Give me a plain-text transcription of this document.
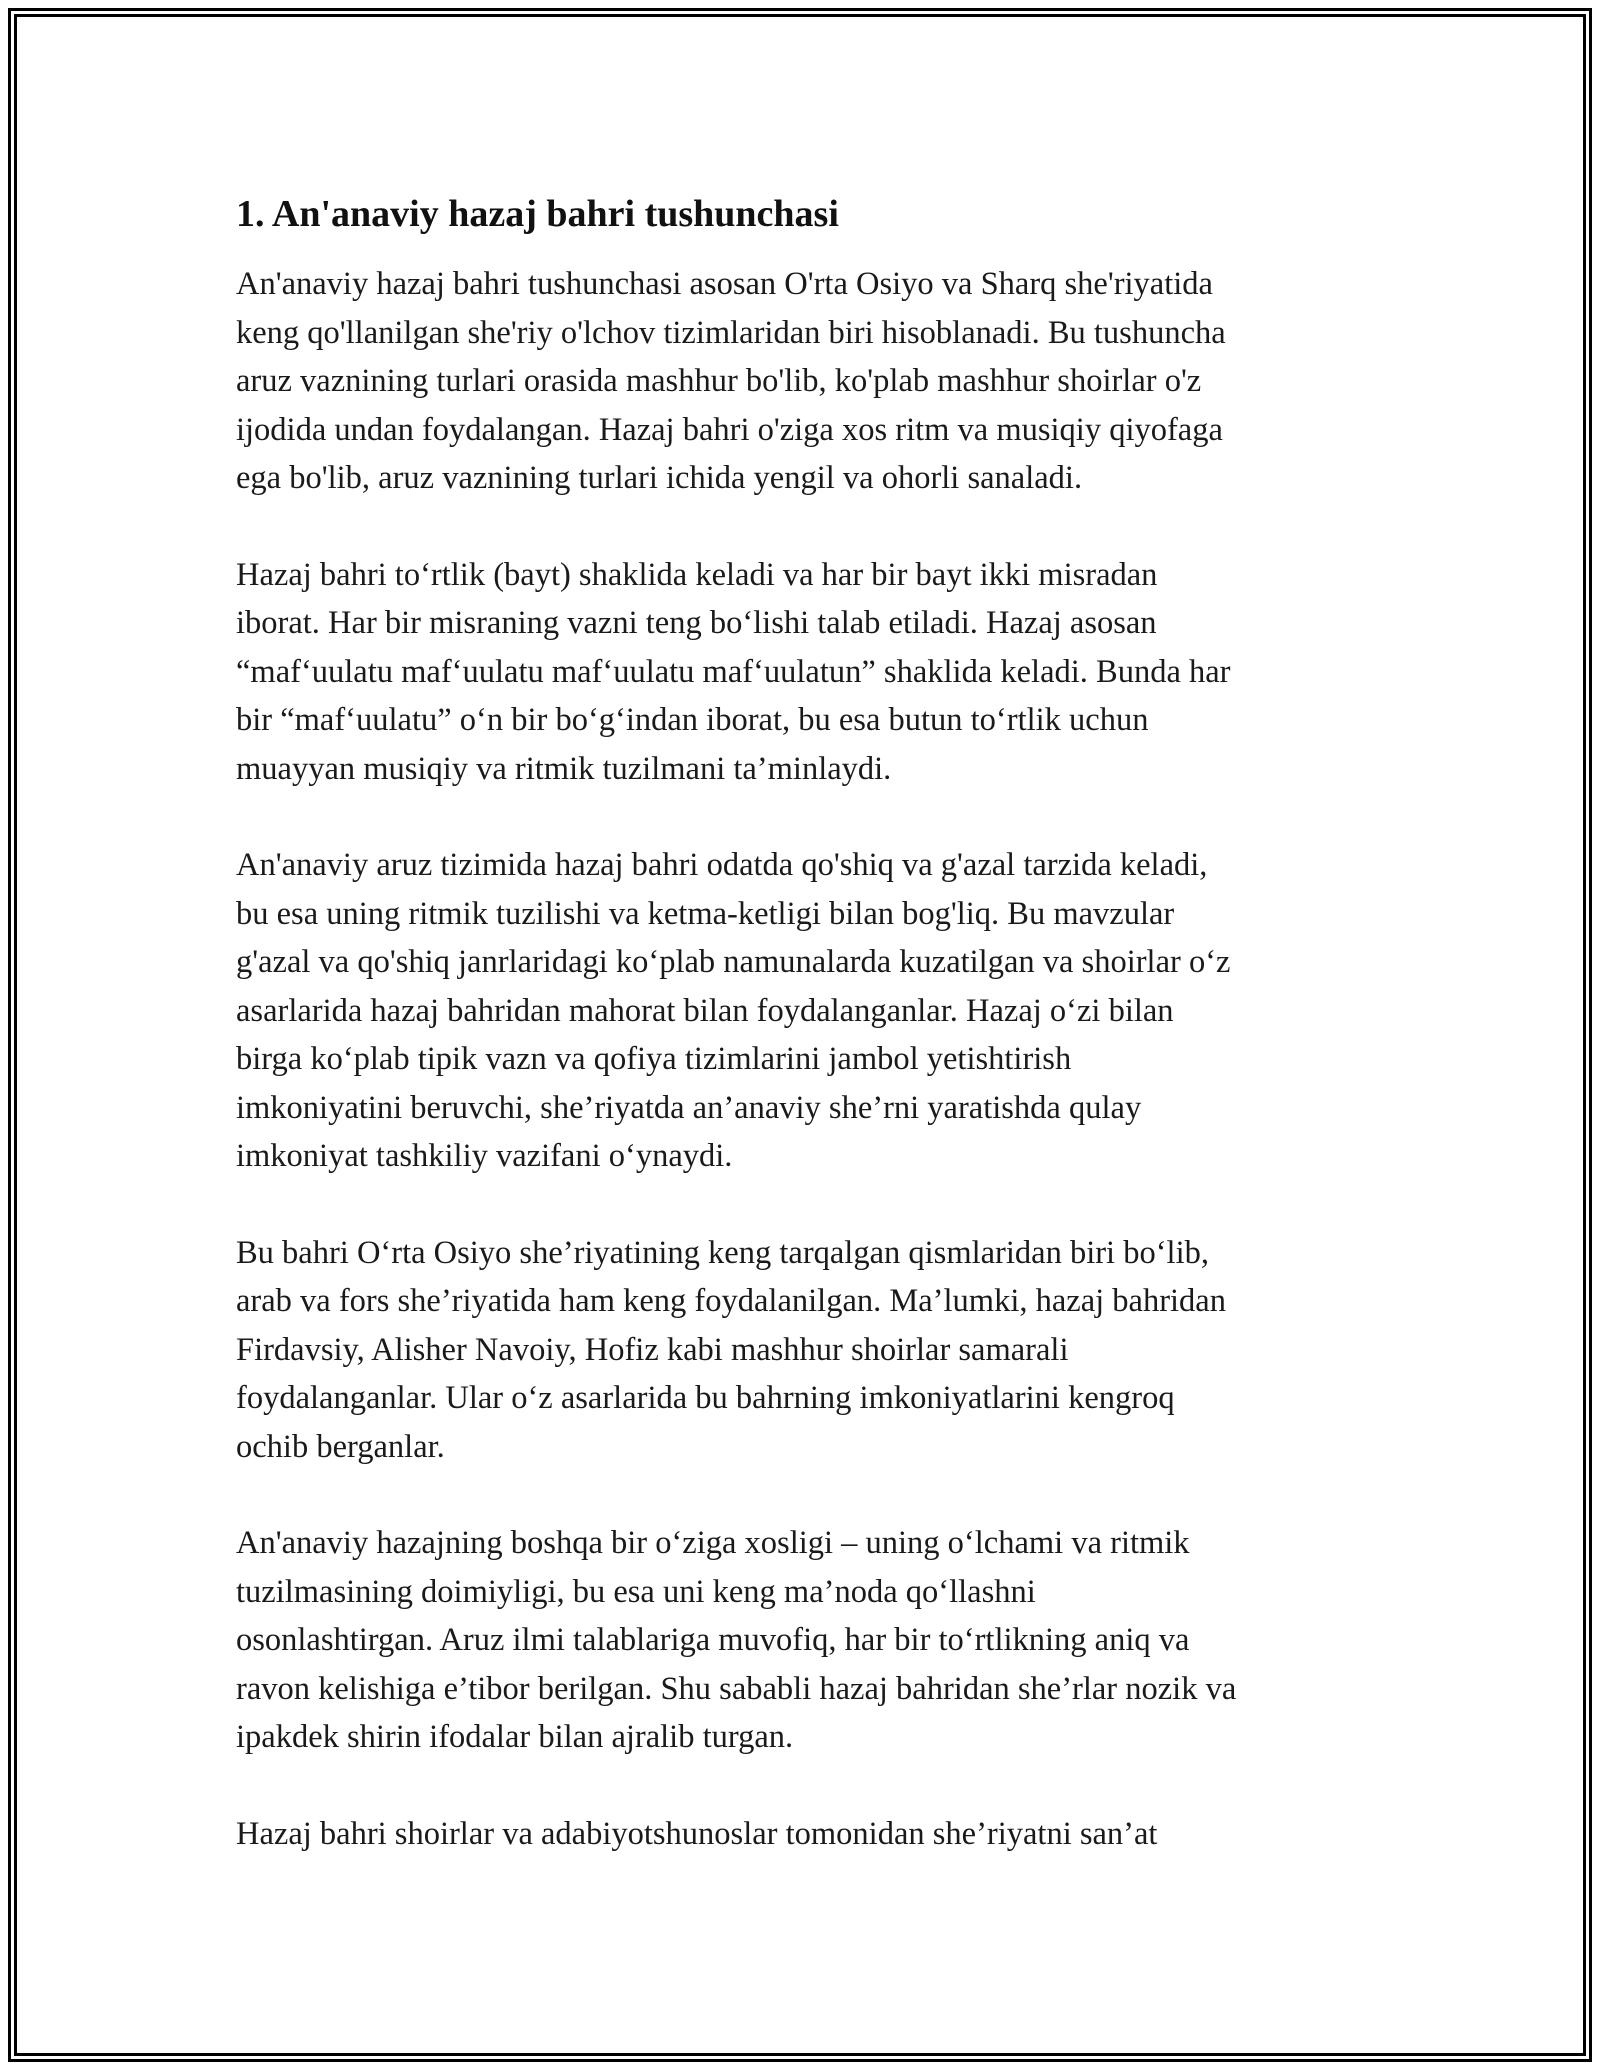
1. An'anaviy hazaj bahri tushunchasi

An'anaviy hazaj bahri tushunchasi asosan O'rta Osiyo va Sharq she'riyatida
keng qo'llanilgan she'riy o'lchov tizimlaridan biri hisoblanadi. Bu tushuncha
aruz vaznining turlari orasida mashhur bo'lib, ko'plab mashhur shoirlar o'z
ijodida undan foydalangan. Hazaj bahri o'ziga xos ritm va musiqiy qiyofaga
ega bo'lib, aruz vaznining turlari ichida yengil va ohorli sanaladi.

Hazaj bahri to‘rtlik (bayt) shaklida keladi va har bir bayt ikki misradan
iborat. Har bir misraning vazni teng bo‘lishi talab etiladi. Hazaj asosan
“maf‘uulatu maf‘uulatu maf‘uulatu maf‘uulatun” shaklida keladi. Bunda har
bir “maf‘uulatu” o‘n bir bo‘g‘indan iborat, bu esa butun to‘rtlik uchun
muayyan musiqiy va ritmik tuzilmani ta’minlaydi.

An'anaviy aruz tizimida hazaj bahri odatda qo'shiq va g'azal tarzida keladi,
bu esa uning ritmik tuzilishi va ketma-ketligi bilan bog'liq. Bu mavzular
g'azal va qo'shiq janrlaridagi ko‘plab namunalarda kuzatilgan va shoirlar o‘z
asarlarida hazaj bahridan mahorat bilan foydalanganlar. Hazaj o‘zi bilan
birga ko‘plab tipik vazn va qofiya tizimlarini jambol yetishtirish
imkoniyatini beruvchi, she’riyatda an’anaviy she’rni yaratishda qulay
imkoniyat tashkiliy vazifani o‘ynaydi.

Bu bahri O‘rta Osiyo she’riyatining keng tarqalgan qismlaridan biri bo‘lib,
arab va fors she’riyatida ham keng foydalanilgan. Ma’lumki, hazaj bahridan
Firdavsiy, Alisher Navoiy, Hofiz kabi mashhur shoirlar samarali
foydalanganlar. Ular o‘z asarlarida bu bahrning imkoniyatlarini kengroq
ochib berganlar.

An'anaviy hazajning boshqa bir o‘ziga xosligi – uning o‘lchami va ritmik
tuzilmasining doimiyligi, bu esa uni keng ma’noda qo‘llashni
osonlashtirgan. Aruz ilmi talablariga muvofiq, har bir to‘rtlikning aniq va
ravon kelishiga e’tibor berilgan. Shu sababli hazaj bahridan she’rlar nozik va
ipakdek shirin ifodalar bilan ajralib turgan.

Hazaj bahri shoirlar va adabiyotshunoslar tomonidan she’riyatni san’at
